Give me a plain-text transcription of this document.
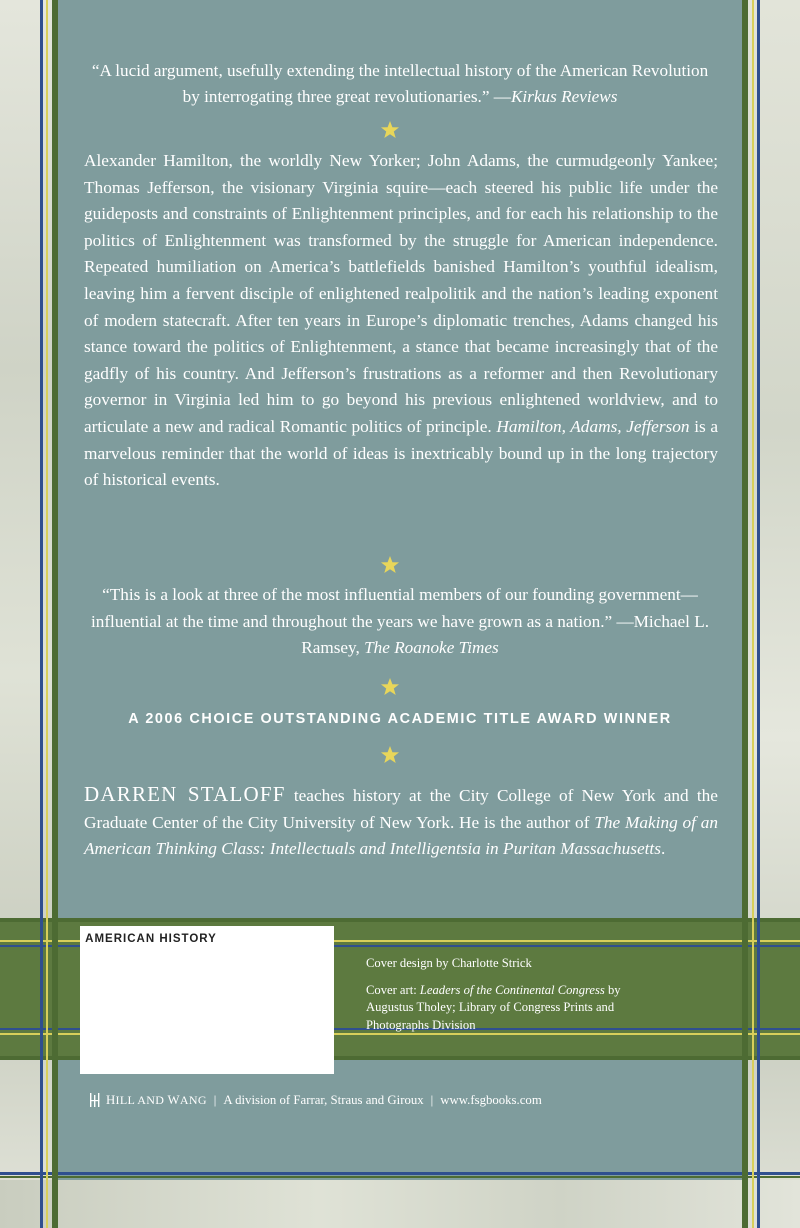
“A lucid argument, usefully extending the intellectual history of the American Revolution by interrogating three great revolutionaries.” —Kirkus Reviews

Alexander Hamilton, the worldly New Yorker; John Adams, the curmudgeonly Yankee; Thomas Jefferson, the visionary Virginia squire—each steered his public life under the guideposts and constraints of Enlightenment principles, and for each his relationship to the politics of Enlightenment was transformed by the struggle for American independence. Repeated humiliation on America’s battlefields banished Hamilton’s youthful idealism, leaving him a fervent disciple of enlightened realpolitik and the nation’s leading exponent of modern statecraft. After ten years in Europe’s diplomatic trenches, Adams changed his stance toward the politics of Enlightenment, a stance that became increasingly that of the gadfly of his country. And Jefferson’s frustrations as a reformer and then Revolutionary governor in Virginia led him to go beyond his previous enlightened worldview, and to articulate a new and radical Romantic politics of principle. Hamilton, Adams, Jefferson is a marvelous reminder that the world of ideas is inextricably bound up in the long trajectory of historical events.

“This is a look at three of the most influential members of our founding government—influential at the time and throughout the years we have grown as a nation.” —Michael L. Ramsey, The Roanoke Times
A 2006 CHOICE OUTSTANDING ACADEMIC TITLE AWARD WINNER

DARREN STALOFF teaches history at the City College of New York and the Graduate Center of the City University of New York. He is the author of The Making of an American Thinking Class: Intellectuals and Intelligentsia in Puritan Massachusetts.

AMERICAN HISTORY

Cover design by Charlotte Strick

Cover art: Leaders of the Continental Congress by Augustus Tholey; Library of Congress Prints and Photographs Division

HILL AND WANG | A division of Farrar, Straus and Giroux | www.fsgbooks.com
